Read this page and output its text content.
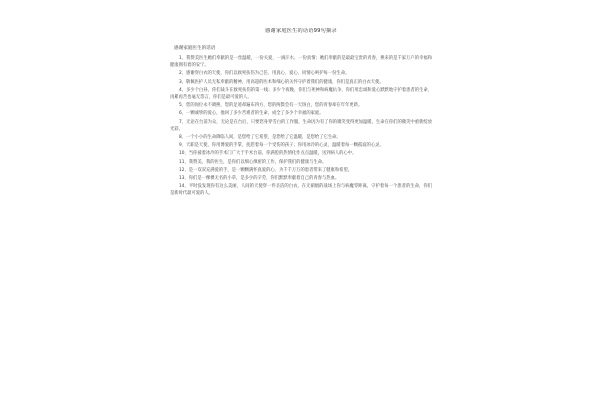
感谢家庭医生的话语99句摘录
感谢家庭医生的话语
1、我赞美医生她们奉献的是一丝温暖，一份关爱，一滴汗水，一份真情；她们奉献的是最最宝贵的青春，换来的是千家万户的幸福和健康拥有着的安宁。
2、感谢穿白衣的天使，你们以救死扶伤为己任，用真心、爱心、同情心呵护每一份生命。
3、敬佩医护人员无私奉献的精神，用高超的医术和细心的关怀守护着我们的健康，你们是真正的白衣天使。
4、多少个白昼，你们战斗在救死扶伤的第一线；多少个夜晚，你们与死神和病魔抗争，你们用忠诚和爱心默默地守护着患者的生命，再累再苦也毫无怨言，你们是最可爱的人。
5、您的岗位永不调换，您的足迹却遍布四方，您的两鬓会有一天斑白，您的青春却在年年更新。
6、一颗诚挚的爱心，他回了多少苦难者的生命，成全了多少个幸福的家庭。
7、无论在台前为众，无论是在台后，只要您身穿雪白的工作服，生命因为有了你的微笑变得更加温暖，生命在你们的微笑中重新绽放光彩。
8、一个小小的生命降临人间，是您给了它希望，是您给了它温暖，是您给了它生命。
9、天职是天使，你用博爱的手掌，抚慰着每一个受伤的孩子；你用冰冷的心灵，温暖着每一颗孤寂的心灵。
10、当你披着冰冷的手术门广大于手术台前，你满腔的热情化作点点温暖，送到病人的心中。
11、我赞美，我的医生，是你们以细心缜密的工作，保护我们的健康与生命。
12、是一双双充满爱的手，是一颗颗满怀真爱的心，为千千万万的患者带来了健康和希望。
13、你们是一棵棵无名的小草，是多少的辛劳，你们默默奉献着自己的青春与热血。
14、平时没发现你有这么美丽，人间的天使穿一件圣洁的白衣，在无硝烟的战场上你与病魔零距离，守护着每一个患者的生命，你们是新时代最可爱的人。
